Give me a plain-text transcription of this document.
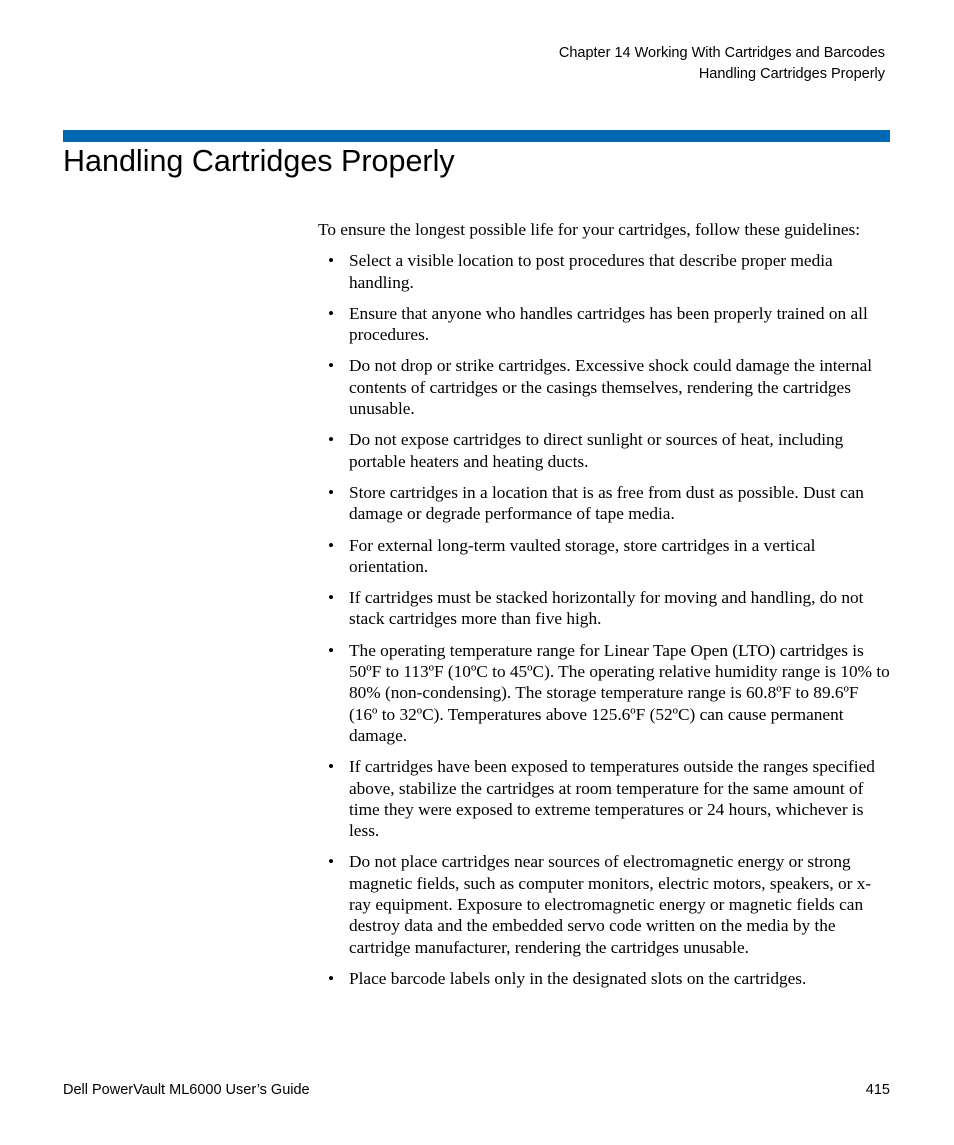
Chapter 14 Working With Cartridges and Barcodes
Handling Cartridges Properly
Handling Cartridges Properly

To ensure the longest possible life for your cartridges, follow these guidelines:

• Select a visible location to post procedures that describe proper media handling.
• Ensure that anyone who handles cartridges has been properly trained on all procedures.
• Do not drop or strike cartridges. Excessive shock could damage the internal contents of cartridges or the casings themselves, rendering the cartridges unusable.
• Do not expose cartridges to direct sunlight or sources of heat, including portable heaters and heating ducts.
• Store cartridges in a location that is as free from dust as possible. Dust can damage or degrade performance of tape media.
• For external long-term vaulted storage, store cartridges in a vertical orientation.
• If cartridges must be stacked horizontally for moving and handling, do not stack cartridges more than five high.
• The operating temperature range for Linear Tape Open (LTO) cartridges is 50ºF to 113ºF (10ºC to 45ºC). The operating relative humidity range is 10% to 80% (non-condensing). The storage temperature range is 60.8ºF to 89.6ºF (16º to 32ºC). Temperatures above 125.6ºF (52ºC) can cause permanent damage.
• If cartridges have been exposed to temperatures outside the ranges specified above, stabilize the cartridges at room temperature for the same amount of time they were exposed to extreme temperatures or 24 hours, whichever is less.
• Do not place cartridges near sources of electromagnetic energy or strong magnetic fields, such as computer monitors, electric motors, speakers, or x-ray equipment. Exposure to electromagnetic energy or magnetic fields can destroy data and the embedded servo code written on the media by the cartridge manufacturer, rendering the cartridges unusable.
• Place barcode labels only in the designated slots on the cartridges.
Dell PowerVault ML6000 User’s Guide	415
